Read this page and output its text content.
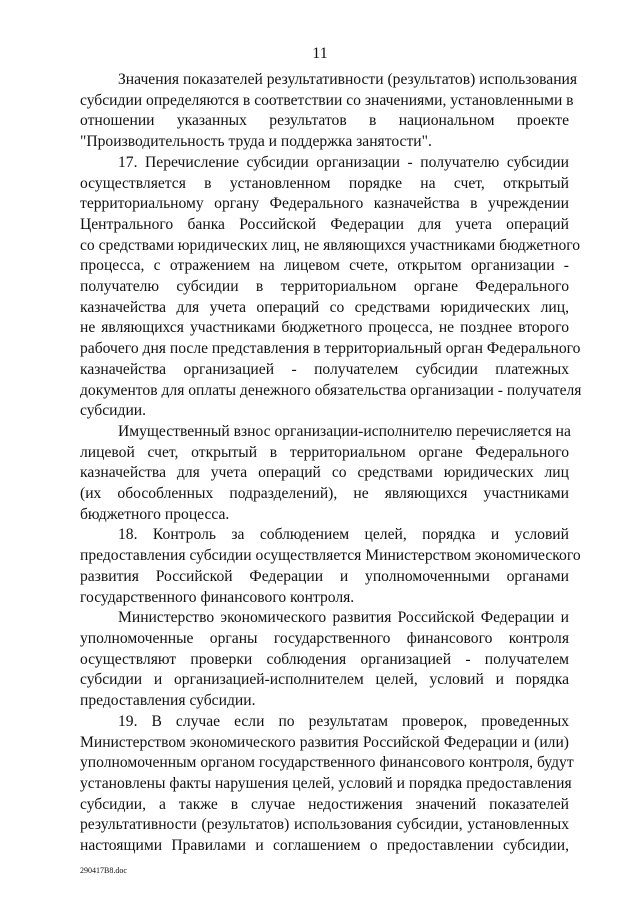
11
Значения показателей результативности (результатов) использования
субсидии определяются в соответствии со значениями, установленными в
отношении указанных результатов в национальном проекте
"Производительность труда и поддержка занятости".
17. Перечисление субсидии организации - получателю субсидии
осуществляется в установленном порядке на счет, открытый
территориальному органу Федерального казначейства в учреждении
Центрального банка Российской Федерации для учета операций
со средствами юридических лиц, не являющихся участниками бюджетного
процесса, с отражением на лицевом счете, открытом организации -
получателю субсидии в территориальном органе Федерального
казначейства для учета операций со средствами юридических лиц,
не являющихся участниками бюджетного процесса, не позднее второго
рабочего дня после представления в территориальный орган Федерального
казначейства организацией - получателем субсидии платежных
документов для оплаты денежного обязательства организации - получателя
субсидии.
Имущественный взнос организации-исполнителю перечисляется на
лицевой счет, открытый в территориальном органе Федерального
казначейства для учета операций со средствами юридических лиц
(их обособленных подразделений), не являющихся участниками
бюджетного процесса.
18. Контроль за соблюдением целей, порядка и условий
предоставления субсидии осуществляется Министерством экономического
развития Российской Федерации и уполномоченными органами
государственного финансового контроля.
Министерство экономического развития Российской Федерации и
уполномоченные органы государственного финансового контроля
осуществляют проверки соблюдения организацией - получателем
субсидии и организацией-исполнителем целей, условий и порядка
предоставления субсидии.
19. В случае если по результатам проверок, проведенных
Министерством экономического развития Российской Федерации и (или)
уполномоченным органом государственного финансового контроля, будут
установлены факты нарушения целей, условий и порядка предоставления
субсидии, а также в случае недостижения значений показателей
результативности (результатов) использования субсидии, установленных
настоящими Правилами и соглашением о предоставлении субсидии,
290417B8.doc
